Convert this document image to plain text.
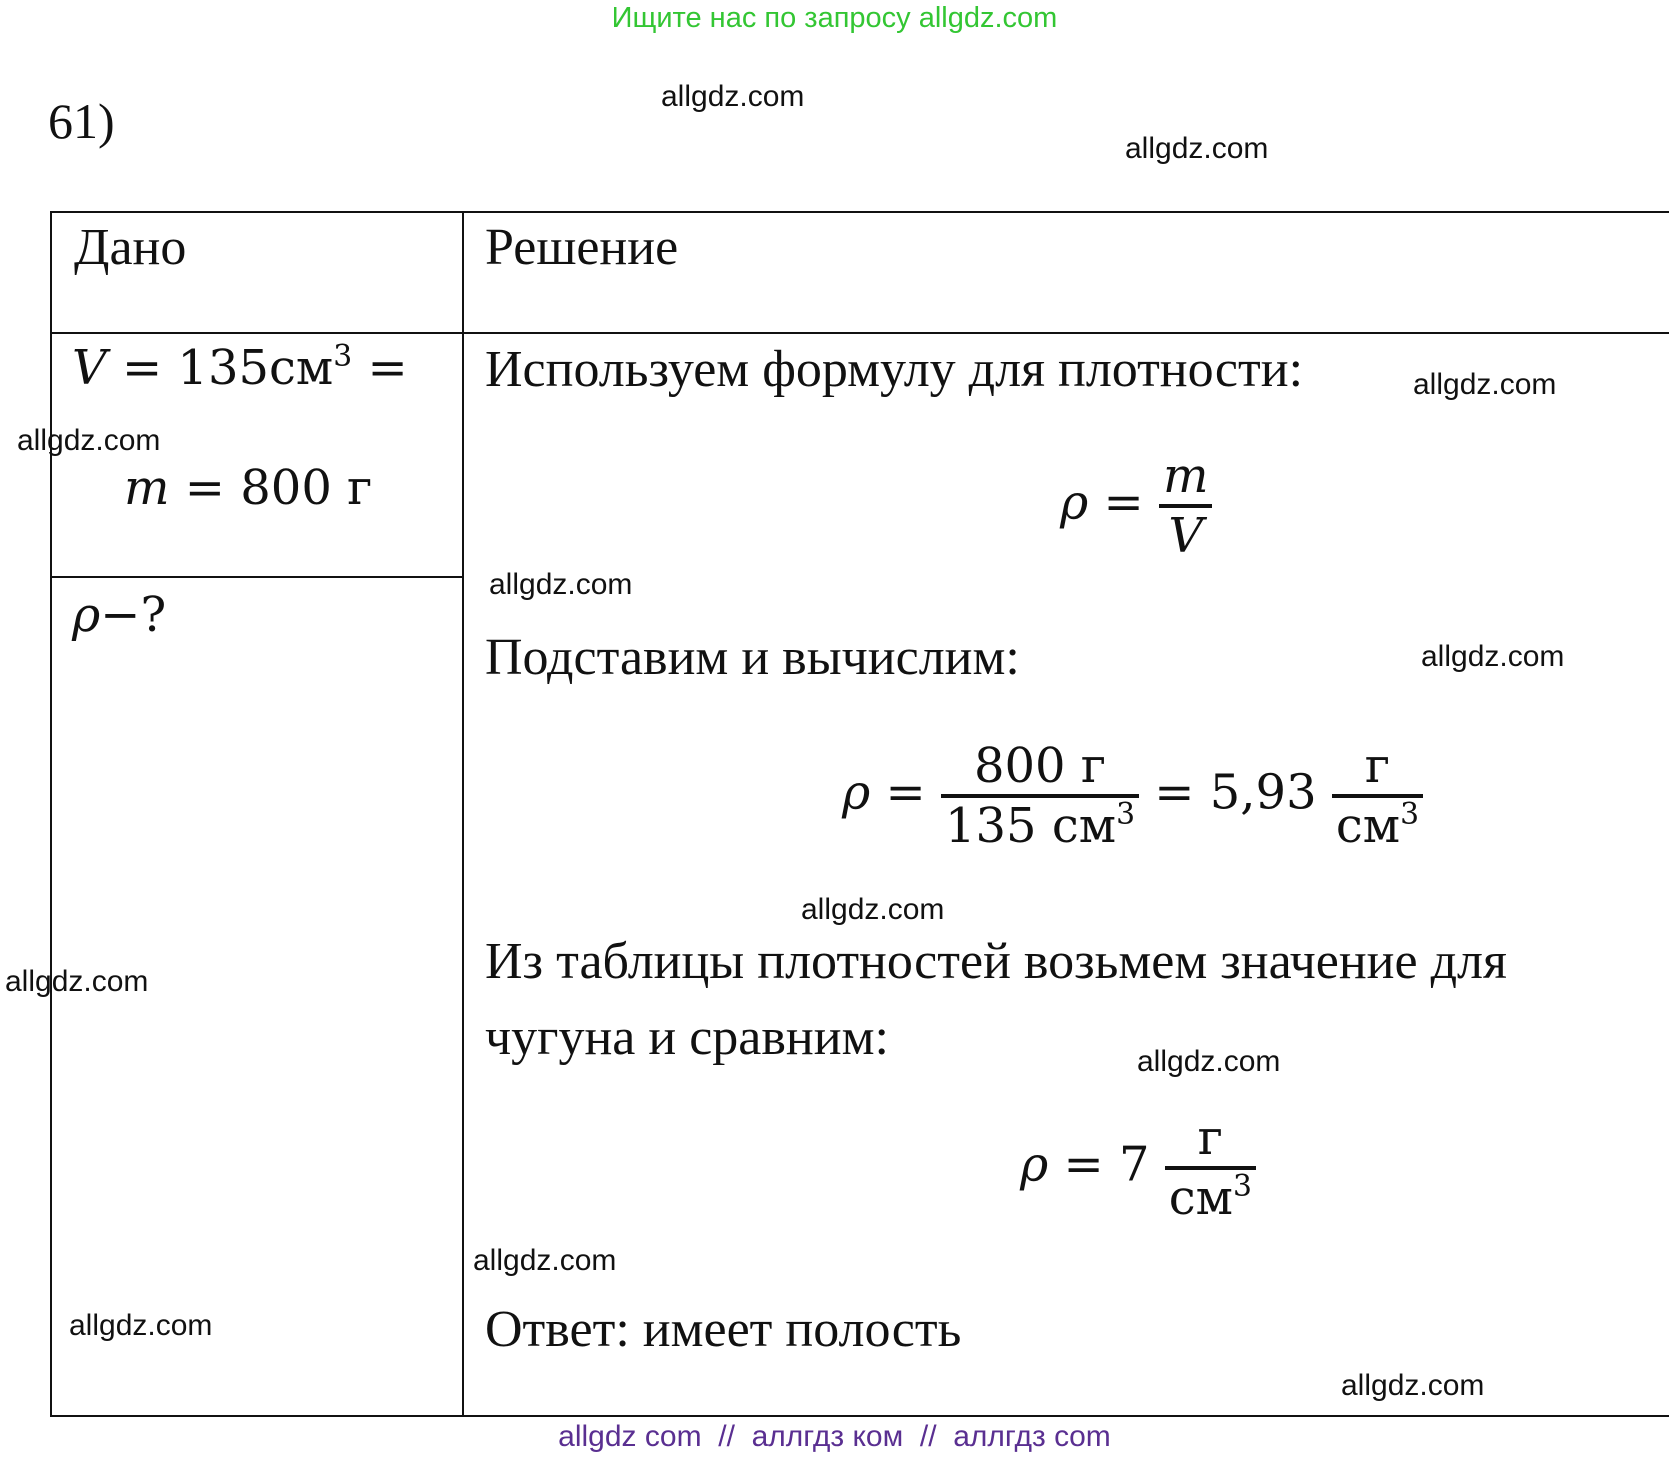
Ищите нас по запросу allgdz.com
61)
Дано	Решение
$V = 135см^3$ =
m = 800 г
ρ−?
Используем формулу для плотности:
$\rho = \frac{m}{V}$
Подставим и вычислим:
$\rho = \frac{800 г}{135 см^3} = 5,93 \frac{г}{см^3}$
Из таблицы плотностей возьмем значение для
чугуна и сравним:
$\rho = 7 \frac{г}{см^3}$
Ответ: имеет полость
allgdz.com
allgdz.com
allgdz.com
allgdz.com
allgdz.com
allgdz.com
allgdz.com
allgdz.com
allgdz.com
allgdz.com
allgdz.com
allgdz.com
allgdz com  //  аллгдз ком  //  аллгдз com
